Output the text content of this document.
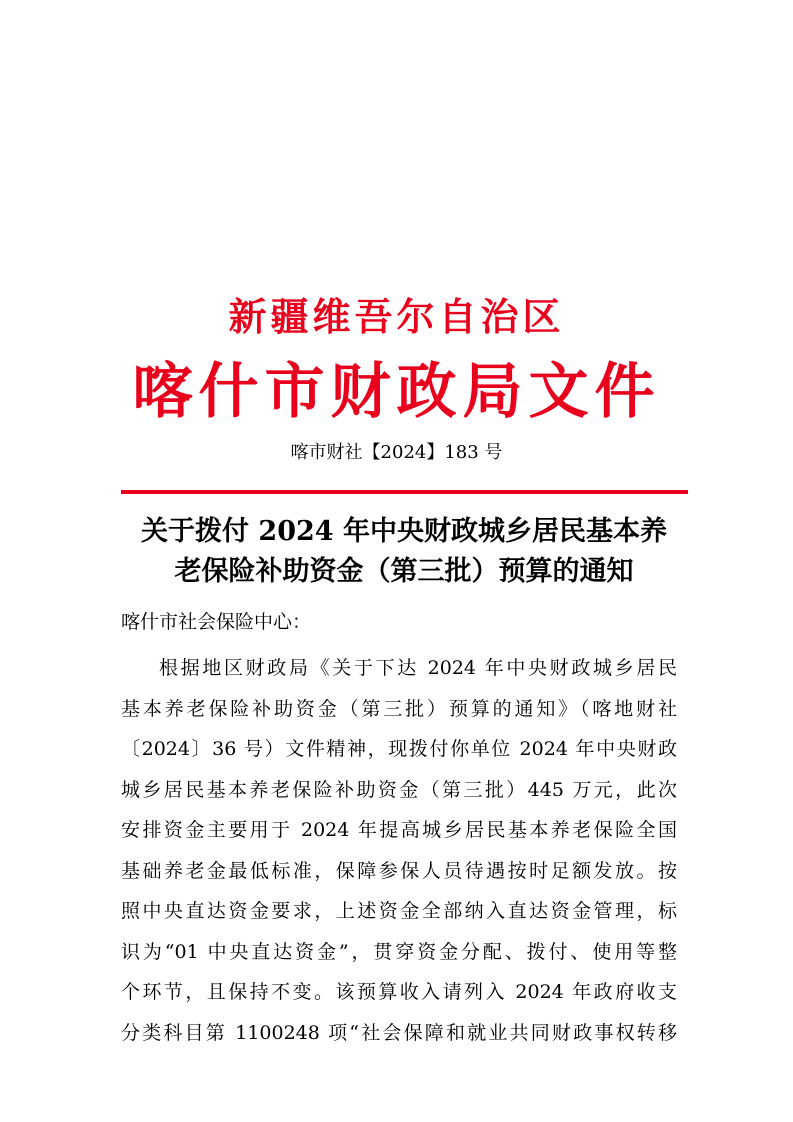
新疆维吾尔自治区
喀什市财政局文件
喀市财社【2024】183 号
关于拨付 2024 年中央财政城乡居民基本养
老保险补助资金（第三批）预算的通知
喀什市社会保险中心：
根据地区财政局《关于下达 2024 年中央财政城乡居民
基本养老保险补助资金（第三批）预算的通知》（喀地财社
〔2024〕36 号）文件精神，现拨付你单位 2024 年中央财政
城乡居民基本养老保险补助资金（第三批）445 万元，此次
安排资金主要用于 2024 年提高城乡居民基本养老保险全国
基础养老金最低标准，保障参保人员待遇按时足额发放。按
照中央直达资金要求，上述资金全部纳入直达资金管理，标
识为“01 中央直达资金”，贯穿资金分配、拨付、使用等整
个环节，且保持不变。该预算收入请列入 2024 年政府收支
分类科目第 1100248 项“社会保障和就业共同财政事权转移
